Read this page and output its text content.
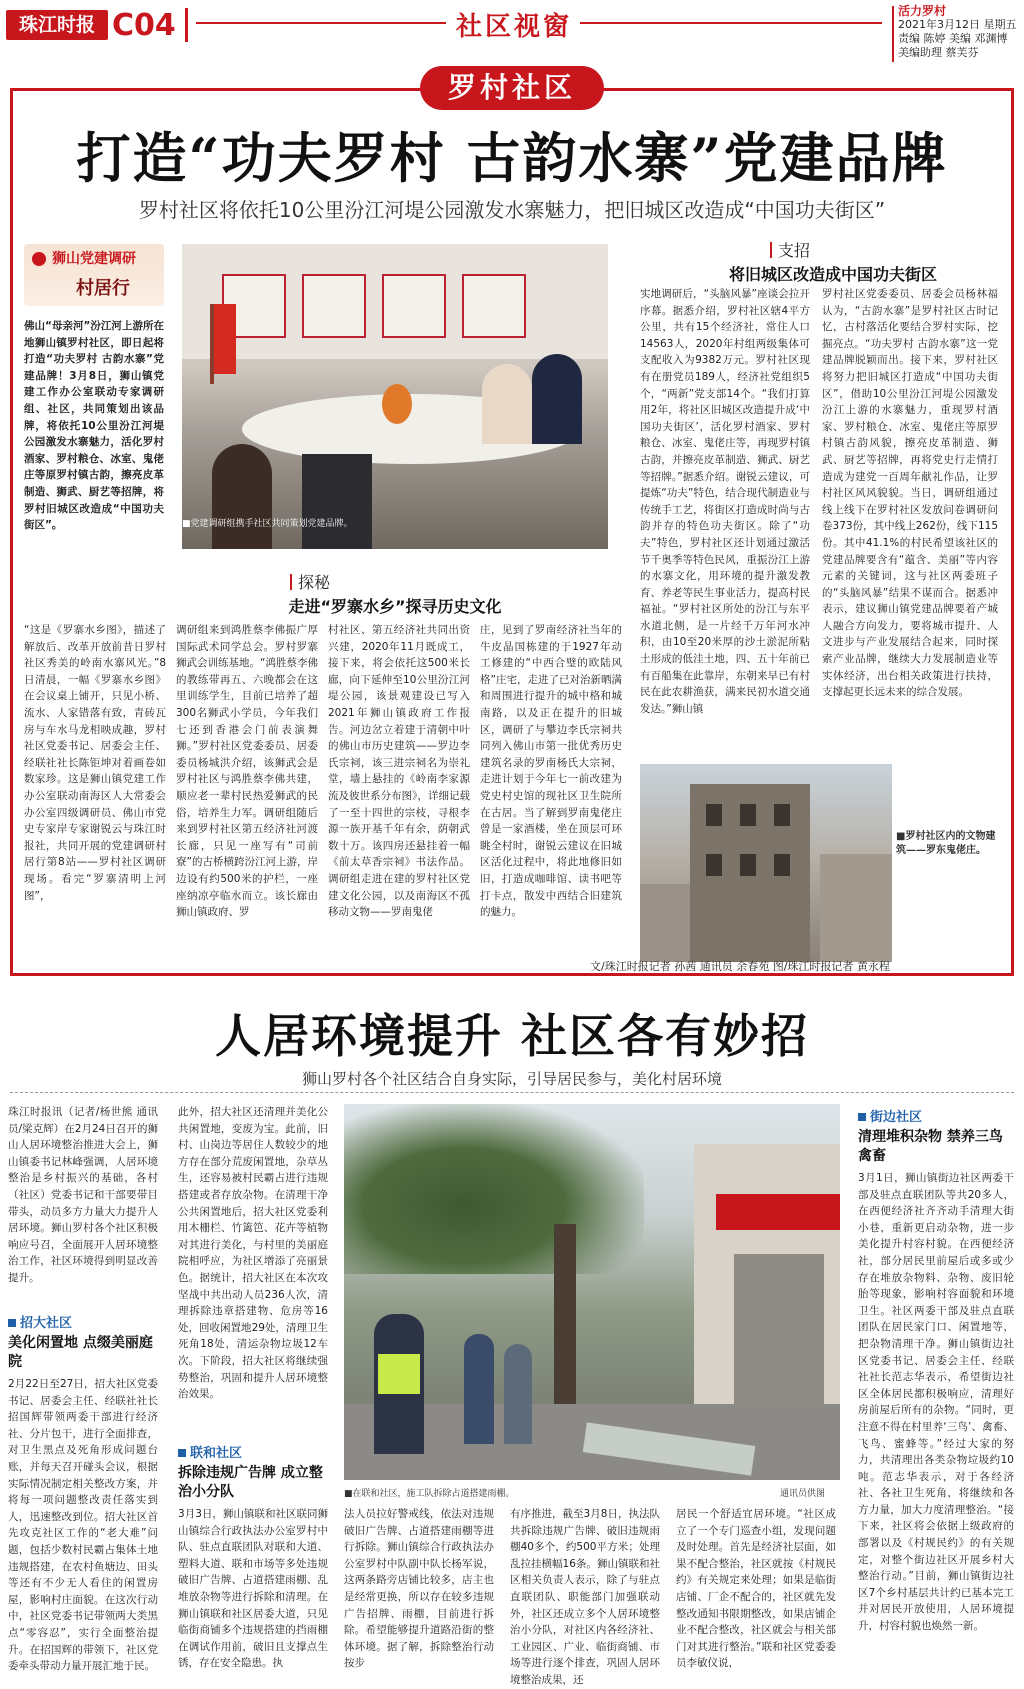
珠江时报 C04	社区视窗
活力罗村
2021年3月12日 星期五
责编 陈婷 美编 邓渊博
美编助理 蔡芙芬
罗村社区
打造“功夫罗村 古韵水寨”党建品牌
罗村社区将依托10公里汾江河堤公园激发水寨魅力，把旧城区改造成“中国功夫街区”
狮山党建调研
村居行
佛山“母亲河”汾江河上游所在地狮山镇罗村社区，即日起将打造“功夫罗村 古韵水寨”党建品牌！3月8日，狮山镇党建工作办公室联动专家调研组、社区，共同策划出该品牌，将依托10公里汾江河堤公园激发水寨魅力，活化罗村酒家、罗村粮仓、冰室、鬼佬庄等原罗村镇古韵，擦亮皮革制造、狮武、厨艺等招牌，将罗村旧城区改造成“中国功夫街区”。	■党建调研组携手社区共同策划党建品牌。
支招
将旧城区改造成中国功夫街区
实地调研后，“头脑风暴”座谈会拉开序幕。据悉介绍，罗村社区辖4平方公里，共有15个经济社，常住人口14563人，2020年村组两级集体可支配收入为9382万元。罗村社区现有在册党员189人，经济社党组织5个，“两新”党支部14个。“我们打算用2年，将社区旧城区改造提升成‘中国功夫街区’，活化罗村酒家、罗村粮仓、冰室、鬼佬庄等，再现罗村镇古韵，并擦亮皮革制造、狮武、厨艺等招牌。”据悉介绍。谢锐云建议，可提炼“功夫”特色，结合现代制造业与传统手工艺，将街区打造成时尚与古韵并存的特色功夫街区。除了“功夫”特色，罗村社区还计划通过激活节千奥季等特色民风，重振汾江上游的水寨文化，用环境的提升激发教育、养老等民生事业活力，提高村民福祉。“罗村社区所处的汾江与东平水道北侧，是一片经千万年河水冲积，由10至20米厚的沙土淤泥所粘土形成的低洼土地，四、五十年前已有百船集在此靠岸，东朝来早已有村民在此农耕渔获，满来民初水道交通发达。”狮山镇
罗村社区党委委员、居委会员杨林福认为，“古韵水寨”是罗村社区古时记忆，古村落活化要结合罗村实际，挖掘亮点。“功夫罗村 古韵水寨”这一党建品牌脱颖而出。接下来，罗村社区将努力把旧城区打造成“中国功夫街区”，借助10公里汾江河堤公园激发汾江上游的水寨魅力，重现罗村酒家、罗村粮仓、冰室、鬼佬庄等原罗村镇古韵风貌，擦亮皮革制造、狮武、厨艺等招牌，再将党史行走情打造成为建党一百周年献礼作品，让罗村社区风风貌貌。当日，调研组通过线上线下在罗村社区发放问卷调研问卷373份，其中线上262份，线下115份。其中41.1%的村民希望该社区的党建品牌要含有“蕴含、美丽”等内容元素的关键词，这与社区两委班子的“头脑风暴”结果不谋而合。据悉冲表示，建议狮山镇党建品牌要着产城人融合方向发力，要将城市提升、人文进步与产业发展结合起来，同时探索产业品牌，继续大力发展制造业等实体经济，出台相关政策进行扶持，支撑起更长远未来的综合发展。
■罗村社区内的文物建筑——罗东鬼佬庄。
探秘
走进“罗寨水乡”探寻历史文化
“这是《罗寨水乡图》，描述了解放后、改革开放前昔日罗村社区秀美的岭南水寨风光。”8日清晨，一幅《罗寨水乡图》在会议桌上铺开，只见小桥、流水、人家错落有致，青砖瓦房与车水马龙相映成趣，罗村社区党委书记、居委会主任、经联社社长陈钜坤对着画卷如数家珍。这是狮山镇党建工作办公室联动南海区人大常委会办公室四级调研员、佛山市党史专家岸专家谢锐云与珠江时报社，共同开展的党建调研村居行第8站——罗村社区调研现场。看完“罗寨清明上河图”，
调研组来到鸿胜蔡李佛振广厚国际武术同学总会。罗村罗寨狮武会训练基地。“鸿胜蔡李佛的教练带再五、六晚都会在这里训练学生，目前已培养了超300名狮武小学员，今年我们七还到香港会门前表演舞狮。”罗村社区党委委员、居委委员杨城洪介绍，该狮武会是罗村社区与鸿胜蔡李佛共建，顺应老一辈村民热爱狮武的民俗，培养生力军。调研组随后来到罗村社区第五经济社河渡长廊，只见一座写有“司前寮”的古桥横跨汾江河上游，岸边设有约500米的护栏，一座座纳凉亭临水而立。该长廊由狮山镇政府、罗
村社区、第五经济社共同出资兴建，2020年11月既成工，接下来，将会依托这500米长廊，向下延伸至10公里汾江河堤公园，该景观建设已写入2021年狮山镇政府工作报告。河边岔立着建于清朝中叶的佛山市历史建筑——罗边李氏宗祠，该三进宗祠名为崇礼堂，墙上悬挂的《岭南李家源流及彼世系分布图》，详细记载了一至十四世的宗枝，寻根李源一族开基千年有余，荫朝武数十万。该四房还悬挂着一幅《前太草香宗祠》书法作品。调研组走进在建的罗村社区党建文化公园，以及南海区不孤移动文物——罗南鬼佬
庄，见到了罗南经济社当年的牛皮晶国栋建的于1927年动工修建的“中西合璧的欧陆风格”庄宅，走进了已对治新晒满和周围进行提升的城中格和城南路，以及正在提升的旧城区，调研了与攀边李氏宗祠共同列入佛山市第一批优秀历史建筑名录的罗南杨氏大宗祠，走进计划于今年七一前改建为党史村史馆的现社区卫生院所在古居。当了解到罗南鬼佬庄曾是一家酒楼，坐在顶层可环眺全村时，谢锐云建议在旧城区活化过程中，将此地修旧如旧，打造成咖啡馆、读书吧等打卡点，散发中西结合旧建筑的魅力。
文/珠江时报记者 孙茜 通讯员 余春苑 图/珠江时报记者 黄永程
人居环境提升 社区各有妙招
狮山罗村各个社区结合自身实际，引导居民参与，美化村居环境
珠江时报讯（记者/杨世熊 通讯员/梁克辉）在2月24日召开的狮山人居环境整治推进大会上，狮山镇委书记林峰强调，人居环境整治是乡村振兴的基础，各村（社区）党委书记和干部要带目带头，动员多方力量大力提升人居环境。狮山罗村各个社区积极响应号召，全面展开人居环境整治工作，社区环境得到明显改善提升。
招大社区
美化闲置地 点缀美丽庭院
2月22日至27日，招大社区党委书记、居委会主任、经联社社长招国辉带领两委干部进行经济社、分片包干，进行全面排查，对卫生黑点及死角形成问题台账，并每天召开碰头会议，根据实际情况制定相关整改方案，并将每一项问题整改责任落实到人，迅速整改到位。招大社区首先攻克社区工作的“老大难”问题，包括少数村民霸占集体土地违规搭建，在农村鱼塘边、田头等还有不少无人看住的闲置房屋，影响村庄面貌。在这次行动中，社区党委书记带领两大类黑点“零容忍”，实行全面整治提升。在招国辉的带领下，社区党委牵头带动力量开展汇地于民。
此外，招大社区还清理并美化公共闲置地，变废为宝。此前，旧村、山岗边等居住人数较少的地方存在部分荒废闲置地，杂草丛生，还容易被村民霸占进行违规搭建或者存放杂物。在清理干净公共闲置地后，招大社区党委利用木栅栏、竹篱笆、花卉等植物对其进行美化，与村里的美丽庭院相呼应，为社区增添了亮丽景色。据统计，招大社区在本次攻坚战中共出动人员236人次，清理拆除违章搭建物、危房等16处，回收闲置地29处，清理卫生死角18处，清运杂物垃圾12车次。下阶段，招大社区将继续强势整治，巩固和提升人居环境整治效果。
联和社区
拆除违规广告牌 成立整治小分队
3月3日，狮山镇联和社区联同狮山镇综合行政执法办公室罗村中队、驻点直联团队对联和大道、塑料大道、联和市场等多处违规破旧广告牌、占道搭建雨棚、乱堆放杂物等进行拆除和清理。在狮山镇联和社区居委大道，只见临街商铺多个违规搭建的挡雨棚在调试作用前，破旧且支撑点生锈，存在安全隐患。执
■在联和社区，施工队拆除占道搭建雨棚。	通讯员供图
法人员拉好警戒线，依法对违规破旧广告牌、占道搭建雨棚等进行拆除。狮山镇综合行政执法办公室罗村中队副中队长杨军说，这两条路旁店铺比较多，店主也是经常更换，所以存在较多违规广告招牌、雨棚，目前进行拆除。希望能够提升道路沿街的整体环境。据了解，拆除整治行动按步
有序推进，截至3月8日，执法队共拆除违规广告牌、破旧违规雨棚40多个，约500平方米；处理乱拉挂横幅16条。狮山镇联和社区相关负责人表示，除了与驻点直联团队、职能部门加强联动外，社区还成立多个人居环境整治小分队，对社区内各经济社、工业园区、广业、临街商铺、市场等进行逐个排查，巩固人居环境整治成果，还
居民一个舒适宜居环境。“社区成立了一个专门巡查小组，发现问题及时处理。首先是经济社层面，如果不配合整治，社区就按《村规民约》有关规定来处理；如果是临街店铺、厂企不配合的，社区就先发整改通知书限期整改，如果店铺企业不配合整改，社区就会与相关部门对其进行整治。”联和社区党委委员李敏仪说，
街边社区
清理堆积杂物 禁养三鸟禽畜
3月1日，狮山镇街边社区两委干部及驻点直联团队等共20多人，在西便经济社齐齐动手清理大街小巷，重新更启动杂物，进一步美化提升村容村貌。在西便经济社，部分居民里前屋后或多或少存在堆放杂物料、杂物、废旧轮胎等现象，影响村容面貌和环境卫生。社区两委干部及驻点直联团队在居民家门口、闲置地等，把杂物清理干净。狮山镇街边社区党委书记、居委会主任、经联社社长范志华表示，希望街边社区全体居民都积极响应，清理好房前屋后所有的杂物。“同时，更注意不得在村里养‘三鸟’、禽畜、飞鸟、蜜蜂等。”经过大家的努力，共清理出各类杂物垃圾约10吨。范志华表示，对于各经济社、各社卫生死角，将继续和各方力量，加大力度清理整治。“接下来，社区将会依据上级政府的部署以及《村规民约》的有关规定，对整个街边社区开展乡村大整治行动。”目前，狮山镇街边社区7个乡村基层共计约已基本完工并对居民开放使用，人居环境提升，村容村貌也焕然一新。
